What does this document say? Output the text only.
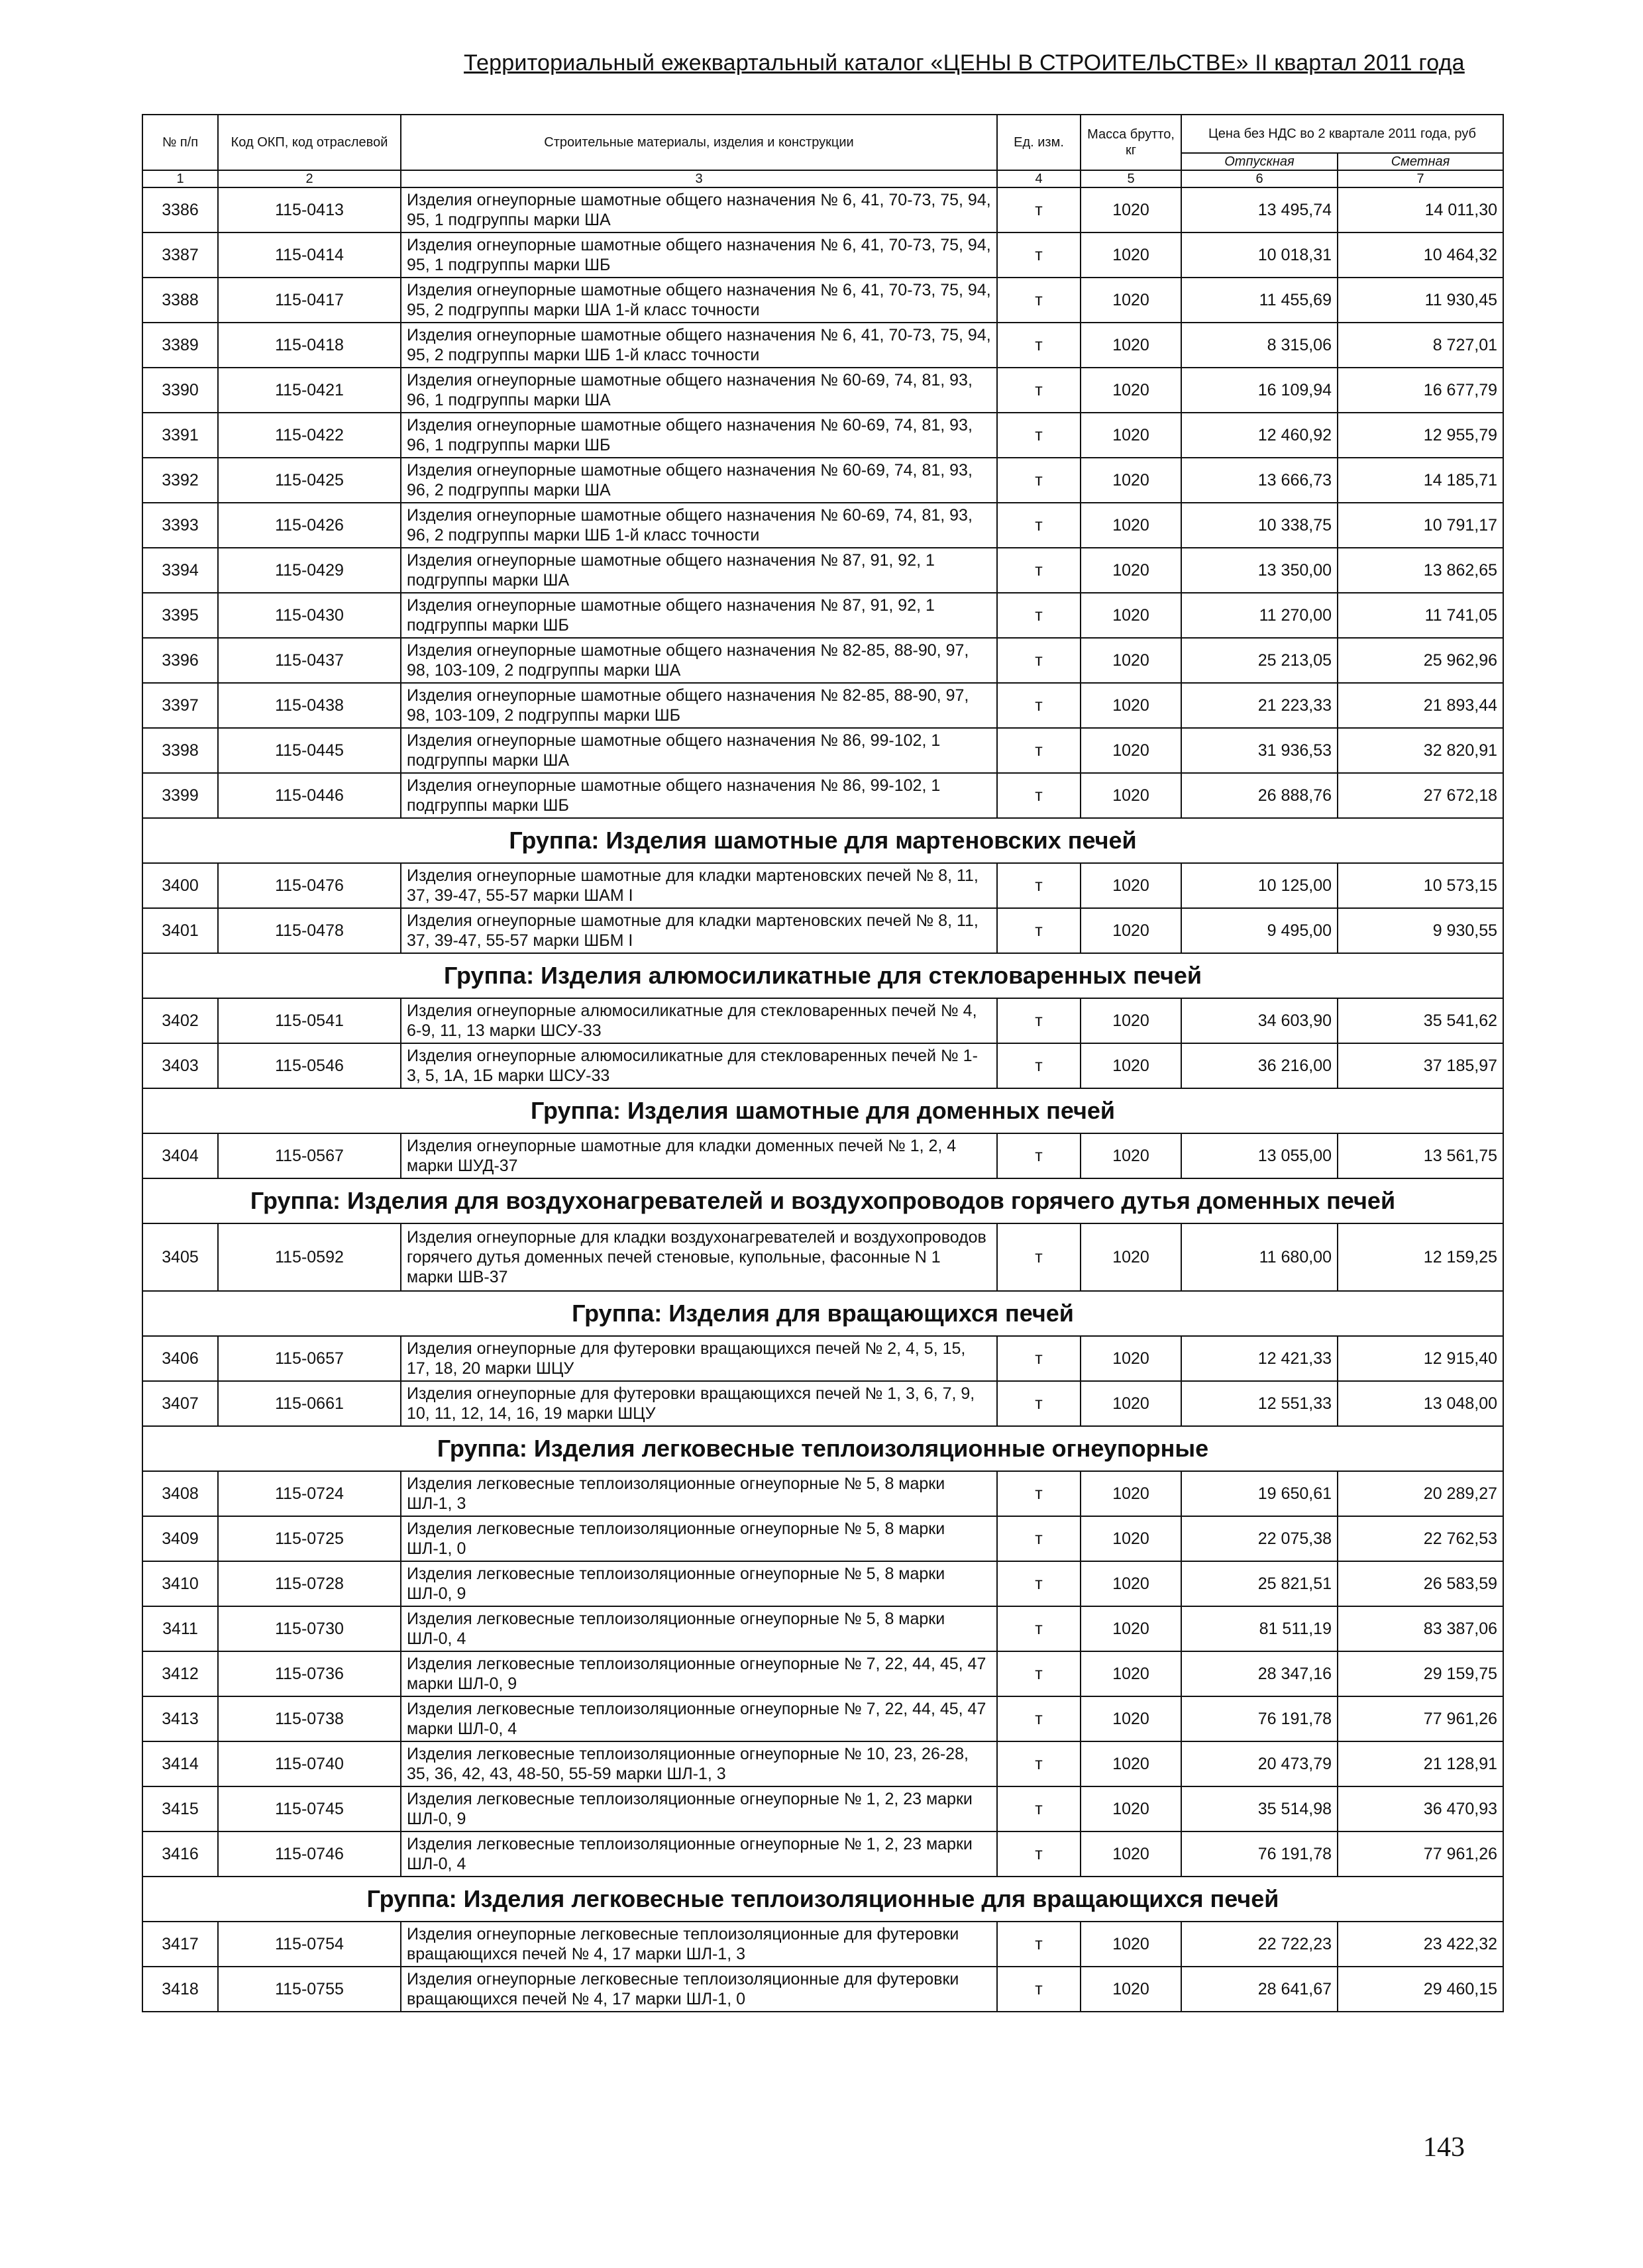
Территориальный ежеквартальный каталог «ЦЕНЫ В СТРОИТЕЛЬСТВЕ» II квартал 2011 года
№ п/п	Код ОКП, код отраслевой	Строительные материалы, изделия и конструкции	Ед. изм.	Масса брутто, кг	Цена без НДС во 2 квартале 2011 года, руб	
					Отпускная	Сметная
1	2	3	4	5	6	7
3386	115-0413	Изделия огнеупорные шамотные общего назначения № 6, 41, 70-73, 75, 94, 95, 1 подгруппы марки ША	т	1020	13 495,74	14 011,30
3387	115-0414	Изделия огнеупорные шамотные общего назначения № 6, 41, 70-73, 75, 94, 95, 1 подгруппы марки ШБ	т	1020	10 018,31	10 464,32
3388	115-0417	Изделия огнеупорные шамотные общего назначения № 6, 41, 70-73, 75, 94, 95, 2 подгруппы марки ША 1-й класс точности	т	1020	11 455,69	11 930,45
3389	115-0418	Изделия огнеупорные шамотные общего назначения № 6, 41, 70-73, 75, 94, 95, 2 подгруппы марки ШБ 1-й класс точности	т	1020	8 315,06	8 727,01
3390	115-0421	Изделия огнеупорные шамотные общего назначения № 60-69, 74, 81, 93, 96, 1 подгруппы марки ША	т	1020	16 109,94	16 677,79
3391	115-0422	Изделия огнеупорные шамотные общего назначения № 60-69, 74, 81, 93, 96, 1 подгруппы марки ШБ	т	1020	12 460,92	12 955,79
3392	115-0425	Изделия огнеупорные шамотные общего назначения № 60-69, 74, 81, 93, 96, 2 подгруппы марки ША	т	1020	13 666,73	14 185,71
3393	115-0426	Изделия огнеупорные шамотные общего назначения № 60-69, 74, 81, 93, 96, 2 подгруппы марки ШБ 1-й класс точности	т	1020	10 338,75	10 791,17
3394	115-0429	Изделия огнеупорные шамотные общего назначения № 87, 91, 92, 1 подгруппы марки ША	т	1020	13 350,00	13 862,65
3395	115-0430	Изделия огнеупорные шамотные общего назначения № 87, 91, 92, 1 подгруппы марки ШБ	т	1020	11 270,00	11 741,05
3396	115-0437	Изделия огнеупорные шамотные общего назначения № 82-85, 88-90, 97, 98, 103-109, 2 подгруппы марки ША	т	1020	25 213,05	25 962,96
3397	115-0438	Изделия огнеупорные шамотные общего назначения № 82-85, 88-90, 97, 98, 103-109, 2 подгруппы марки ШБ	т	1020	21 223,33	21 893,44
3398	115-0445	Изделия огнеупорные шамотные общего назначения № 86, 99-102, 1 подгруппы марки ША	т	1020	31 936,53	32 820,91
3399	115-0446	Изделия огнеупорные шамотные общего назначения № 86, 99-102, 1 подгруппы марки ШБ	т	1020	26 888,76	27 672,18
Группа: Изделия шамотные для мартеновских печей						
3400	115-0476	Изделия огнеупорные шамотные для кладки мартеновских печей № 8, 11, 37, 39-47, 55-57 марки ШАМ I	т	1020	10 125,00	10 573,15
3401	115-0478	Изделия огнеупорные шамотные для кладки мартеновских печей № 8, 11, 37, 39-47, 55-57 марки ШБМ I	т	1020	9 495,00	9 930,55
Группа: Изделия алюмосиликатные для стекловаренных печей						
3402	115-0541	Изделия огнеупорные алюмосиликатные для стекловаренных печей № 4, 6-9, 11, 13 марки ШСУ-33	т	1020	34 603,90	35 541,62
3403	115-0546	Изделия огнеупорные алюмосиликатные для стекловаренных печей № 1-3, 5, 1А, 1Б марки ШСУ-33	т	1020	36 216,00	37 185,97
Группа: Изделия шамотные для доменных печей						
3404	115-0567	Изделия огнеупорные шамотные для кладки доменных печей № 1, 2, 4 марки ШУД-37	т	1020	13 055,00	13 561,75
Группа: Изделия для воздухонагревателей и воздухопроводов горячего дутья доменных печей						
3405	115-0592	Изделия огнеупорные для кладки воздухонагревателей и воздухопроводов горячего дутья доменных печей стеновые, купольные, фасонные N 1 марки ШВ-37	т	1020	11 680,00	12 159,25
Группа: Изделия для вращающихся печей						
3406	115-0657	Изделия огнеупорные для футеровки вращающихся печей № 2, 4, 5, 15, 17, 18, 20 марки ШЦУ	т	1020	12 421,33	12 915,40
3407	115-0661	Изделия огнеупорные для футеровки вращающихся печей № 1, 3, 6, 7, 9, 10, 11, 12, 14, 16, 19 марки ШЦУ	т	1020	12 551,33	13 048,00
Группа: Изделия легковесные теплоизоляционные огнеупорные						
3408	115-0724	Изделия легковесные теплоизоляционные огнеупорные № 5, 8 марки ШЛ-1, 3	т	1020	19 650,61	20 289,27
3409	115-0725	Изделия легковесные теплоизоляционные огнеупорные № 5, 8 марки ШЛ-1, 0	т	1020	22 075,38	22 762,53
3410	115-0728	Изделия легковесные теплоизоляционные огнеупорные № 5, 8 марки ШЛ-0, 9	т	1020	25 821,51	26 583,59
3411	115-0730	Изделия легковесные теплоизоляционные огнеупорные № 5, 8 марки ШЛ-0, 4	т	1020	81 511,19	83 387,06
3412	115-0736	Изделия легковесные теплоизоляционные огнеупорные № 7, 22, 44, 45, 47 марки ШЛ-0, 9	т	1020	28 347,16	29 159,75
3413	115-0738	Изделия легковесные теплоизоляционные огнеупорные № 7, 22, 44, 45, 47 марки ШЛ-0, 4	т	1020	76 191,78	77 961,26
3414	115-0740	Изделия легковесные теплоизоляционные огнеупорные № 10, 23, 26-28, 35, 36, 42, 43, 48-50, 55-59 марки ШЛ-1, 3	т	1020	20 473,79	21 128,91
3415	115-0745	Изделия легковесные теплоизоляционные огнеупорные № 1, 2, 23 марки ШЛ-0, 9	т	1020	35 514,98	36 470,93
3416	115-0746	Изделия легковесные теплоизоляционные огнеупорные № 1, 2, 23 марки ШЛ-0, 4	т	1020	76 191,78	77 961,26
Группа: Изделия легковесные теплоизоляционные для вращающихся печей						
3417	115-0754	Изделия огнеупорные легковесные теплоизоляционные для футеровки вращающихся печей № 4, 17 марки ШЛ-1, 3	т	1020	22 722,23	23 422,32
3418	115-0755	Изделия огнеупорные легковесные теплоизоляционные для футеровки вращающихся печей № 4, 17 марки ШЛ-1, 0	т	1020	28 641,67	29 460,15
143
